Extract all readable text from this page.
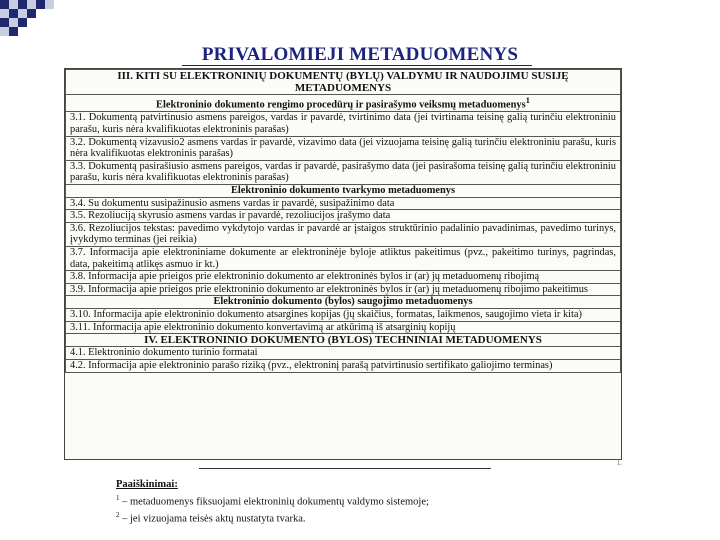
PRIVALOMIEJI METADUOMENYS
III. KITI SU ELEKTRONINIŲ DOKUMENTŲ (BYLŲ) VALDYMU IR NAUDOJIMU SUSIJĘ METADUOMENYS
Elektroninio dokumento rengimo procedūrų ir pasirašymo veiksmų metaduomenys$^1$
3.1. Dokumentą patvirtinusio asmens pareigos, vardas ir pavardė, tvirtinimo data (jei tvirtinama teisinę galią turinčiu elektroniniu parašu, kuris nėra kvalifikuotas elektroninis parašas)
3.2. Dokumentą vizavusio2 asmens vardas ir pavardė, vizavimo data (jei vizuojama teisinę galią turinčiu elektroniniu parašu, kuris nėra kvalifikuotas elektroninis parašas)
3.3. Dokumentą pasirašiusio asmens pareigos, vardas ir pavardė, pasirašymo data (jei pasirašoma teisinę galią turinčiu elektroniniu parašu, kuris nėra kvalifikuotas elektroninis parašas)
Elektroninio dokumento tvarkymo metaduomenys
3.4. Su dokumentu susipažinusio asmens vardas ir pavardė, susipažinimo data
3.5. Rezoliuciją skyrusio asmens vardas ir pavardė, rezoliucijos įrašymo data
3.6. Rezoliucijos tekstas: pavedimo vykdytojo vardas ir pavardė ar įstaigos struktūrinio padalinio pavadinimas, pavedimo turinys, įvykdymo terminas (jei reikia)
3.7. Informacija apie elektroniniame dokumente ar elektroninėje byloje atliktus pakeitimus (pvz., pakeitimo turinys, pagrindas, data, pakeitimą atlikęs asmuo ir kt.)
3.8. Informacija apie prieigos prie elektroninio dokumento ar elektroninės bylos ir (ar) jų metaduomenų ribojimą
3.9. Informacija apie prieigos prie elektroninio dokumento ar elektroninės bylos ir (ar) jų metaduomenų ribojimo pakeitimus
Elektroninio dokumento (bylos) saugojimo metaduomenys
3.10. Informacija apie elektroninio dokumento atsargines kopijas (jų skaičius, formatas, laikmenos, saugojimo vieta ir kita)
3.11. Informacija apie elektroninio dokumento konvertavimą ar atkūrimą iš atsarginių kopijų
IV. ELEKTRONINIO DOKUMENTO (BYLOS) TECHNINIAI METADUOMENYS
4.1. Elektroninio dokumento turinio formatai
4.2. Informacija apie elektroninio parašo riziką (pvz., elektroninį parašą patvirtinusio sertifikato galiojimo terminas)
L
Paaiškinimai:
$^1$ – metaduomenys fiksuojami elektroninių dokumentų valdymo sistemoje;
$^2$ – jei vizuojama teisės aktų nustatyta tvarka.
